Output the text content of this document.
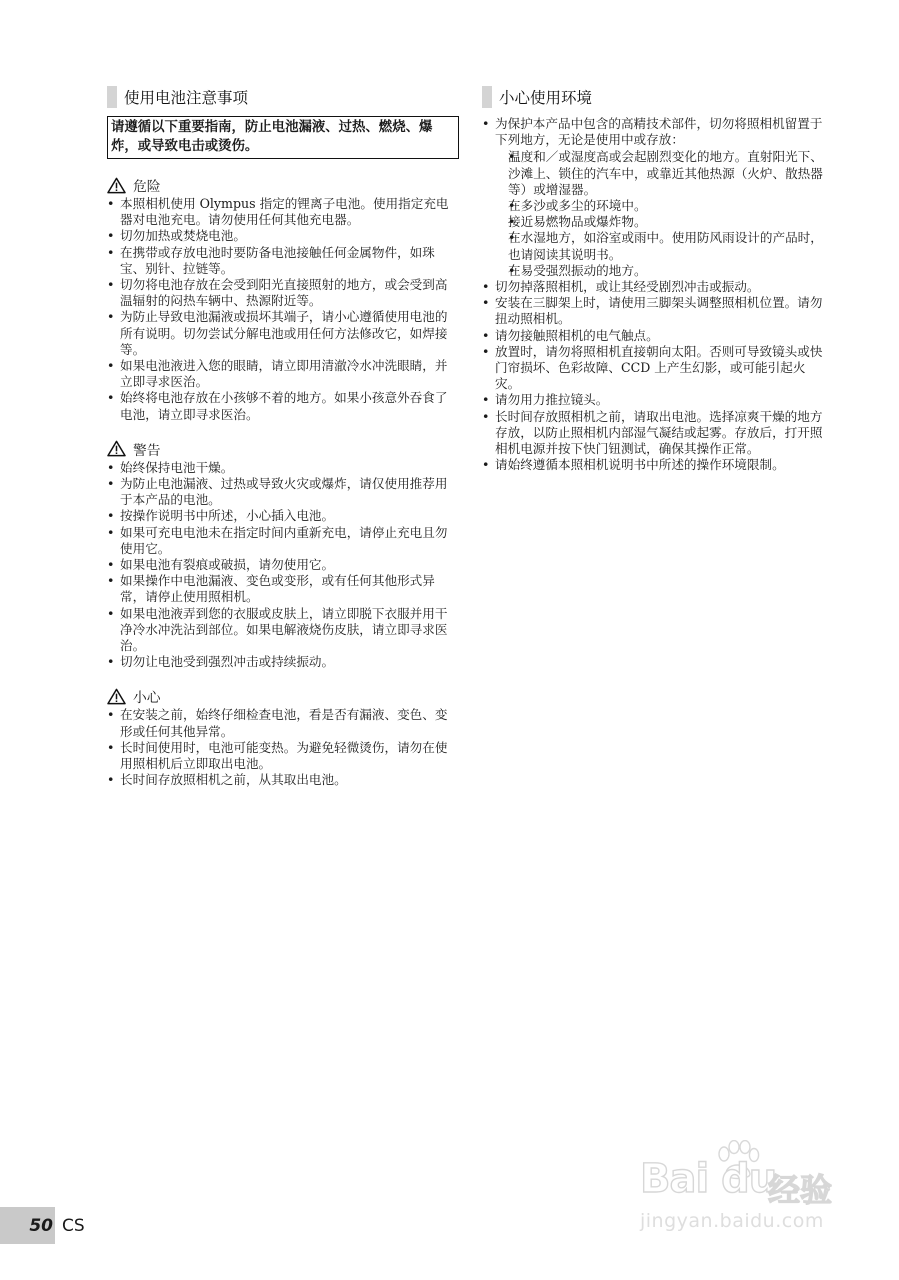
使用电池注意事项
请遵循以下重要指南，防止电池漏液、过热、燃烧、爆炸，或导致电击或烫伤。
危险
• 本照相机使用 Olympus 指定的锂离子电池。使用指定充电器对电池充电。请勿使用任何其他充电器。
• 切勿加热或焚烧电池。
• 在携带或存放电池时要防备电池接触任何金属物件，如珠宝、别针、拉链等。
• 切勿将电池存放在会受到阳光直接照射的地方，或会受到高温辐射的闷热车辆中、热源附近等。
• 为防止导致电池漏液或损坏其端子，请小心遵循使用电池的所有说明。切勿尝试分解电池或用任何方法修改它，如焊接等。
• 如果电池液进入您的眼睛，请立即用清澈冷水冲洗眼睛，并立即寻求医治。
• 始终将电池存放在小孩够不着的地方。如果小孩意外吞食了电池，请立即寻求医治。
警告
• 始终保持电池干燥。
• 为防止电池漏液、过热或导致火灾或爆炸，请仅使用推荐用于本产品的电池。
• 按操作说明书中所述，小心插入电池。
• 如果可充电电池未在指定时间内重新充电，请停止充电且勿使用它。
• 如果电池有裂痕或破损，请勿使用它。
• 如果操作中电池漏液、变色或变形，或有任何其他形式异常，请停止使用照相机。
• 如果电池液弄到您的衣服或皮肤上，请立即脱下衣服并用干净冷水冲洗沾到部位。如果电解液烧伤皮肤，请立即寻求医治。
• 切勿让电池受到强烈冲击或持续振动。
小心
• 在安装之前，始终仔细检查电池，看是否有漏液、变色、变形或任何其他异常。
• 长时间使用时，电池可能变热。为避免轻微烫伤，请勿在使用照相机后立即取出电池。
• 长时间存放照相机之前，从其取出电池。
小心使用环境
• 为保护本产品中包含的高精技术部件，切勿将照相机留置于下列地方，无论是使用中或存放：
• 温度和／或湿度高或会起剧烈变化的地方。直射阳光下、沙滩上、锁住的汽车中，或靠近其他热源（火炉、散热器等）或增湿器。
• 在多沙或多尘的环境中。
• 接近易燃物品或爆炸物。
• 在水湿地方，如浴室或雨中。使用防风雨设计的产品时，也请阅读其说明书。
• 在易受强烈振动的地方。
• 切勿掉落照相机，或让其经受剧烈冲击或振动。
• 安装在三脚架上时，请使用三脚架头调整照相机位置。请勿扭动照相机。
• 请勿接触照相机的电气触点。
• 放置时，请勿将照相机直接朝向太阳。否则可导致镜头或快门帘损坏、色彩故障、CCD 上产生幻影，或可能引起火灾。
• 请勿用力推拉镜头。
• 长时间存放照相机之前，请取出电池。选择凉爽干燥的地方存放，以防止照相机内部湿气凝结或起雾。存放后，打开照相机电源并按下快门钮测试，确保其操作正常。
• 请始终遵循本照相机说明书中所述的操作环境限制。
50 CS
Bai du
经验
jingyan.baidu.com
